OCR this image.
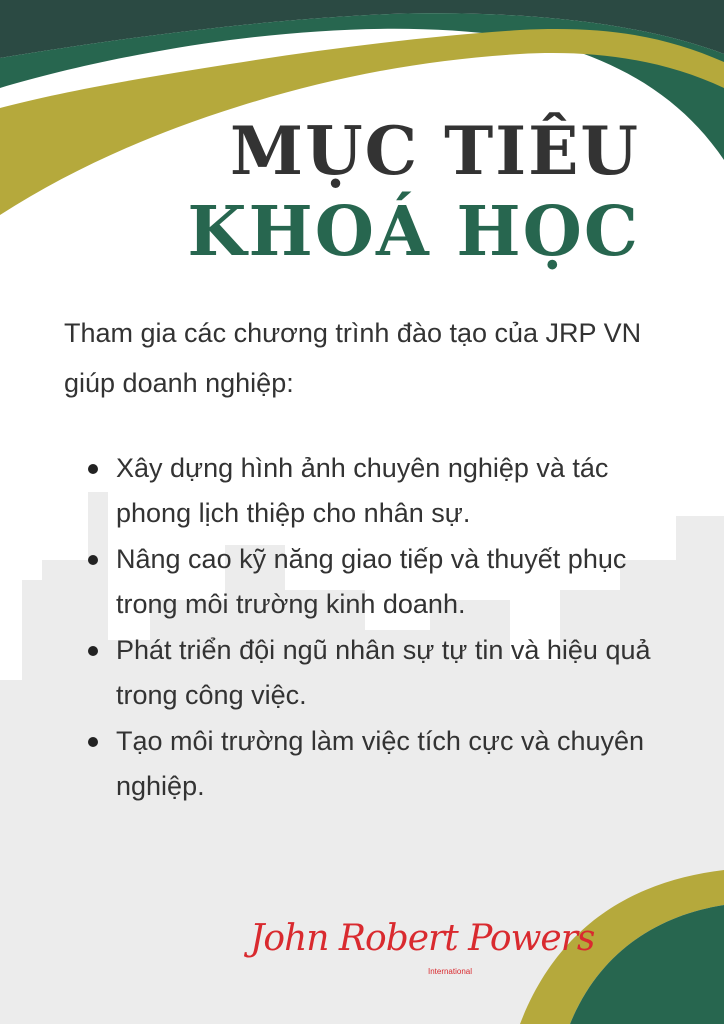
MỤC TIÊU
KHOÁ HỌC

Tham gia các chương trình đào tạo của JRP VN giúp doanh nghiệp:

Xây dựng hình ảnh chuyên nghiệp và tác phong lịch thiệp cho nhân sự.
Nâng cao kỹ năng giao tiếp và thuyết phục trong môi trường kinh doanh.
Phát triển đội ngũ nhân sự tự tin và hiệu quả trong công việc.
Tạo môi trường làm việc tích cực và chuyên nghiệp.
John Robert Powers
International
